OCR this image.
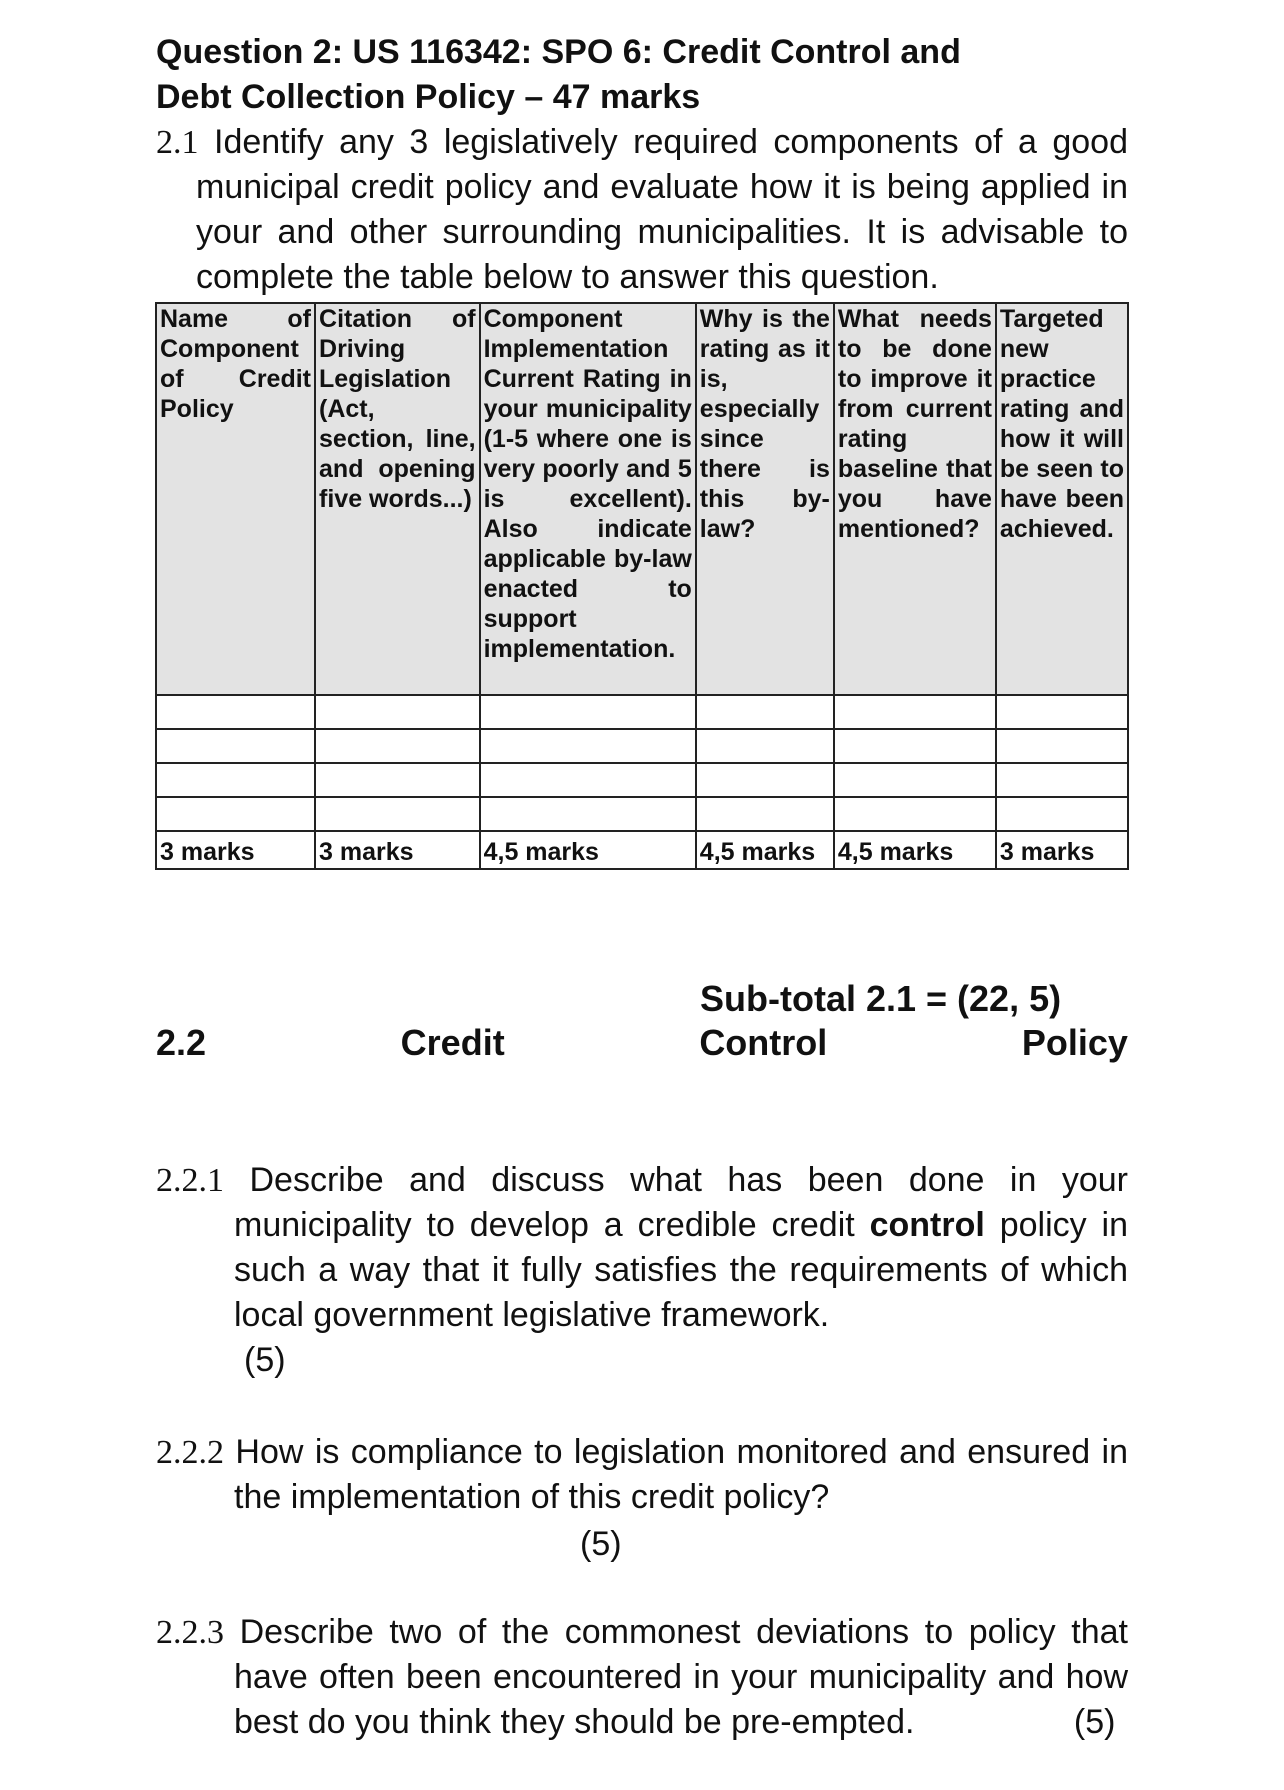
Question 2: US 116342: SPO 6: Credit Control and

Debt Collection Policy – 47 marks

2.1 Identify any 3 legislatively required components of a good municipal credit policy and evaluate how it is being applied in your and other surrounding municipalities. It is advisable to complete the table below to answer this question.

Name of Component of Credit Policy	Citation of Driving Legislation (Act, section, line, and opening five words...)	Component Implementation Current Rating in your municipality (1-5 where one is very poorly and 5 is excellent). Also indicate applicable by-law enacted to support implementation.	Why is the rating as it is, especially since there is this by-law?	What needs to be done to improve it from current rating baseline that you have mentioned?	Targeted new practice rating and how it will be seen to have been achieved.

3 marks	3 marks	4,5 marks	4,5 marks	4,5 marks	3 marks
Sub-total 2.1 = (22, 5)
2.2	Credit	Control	Policy

2.2.1 Describe and discuss what has been done in your municipality to develop a credible credit control policy in such a way that it fully satisfies the requirements of which local government legislative framework.

(5)

2.2.2 How is compliance to legislation monitored and ensured in the implementation of this credit policy?

(5)

2.2.3 Describe two of the commonest deviations to policy that have often been encountered in your municipality and how best do you think they should be pre-empted.	(5)
